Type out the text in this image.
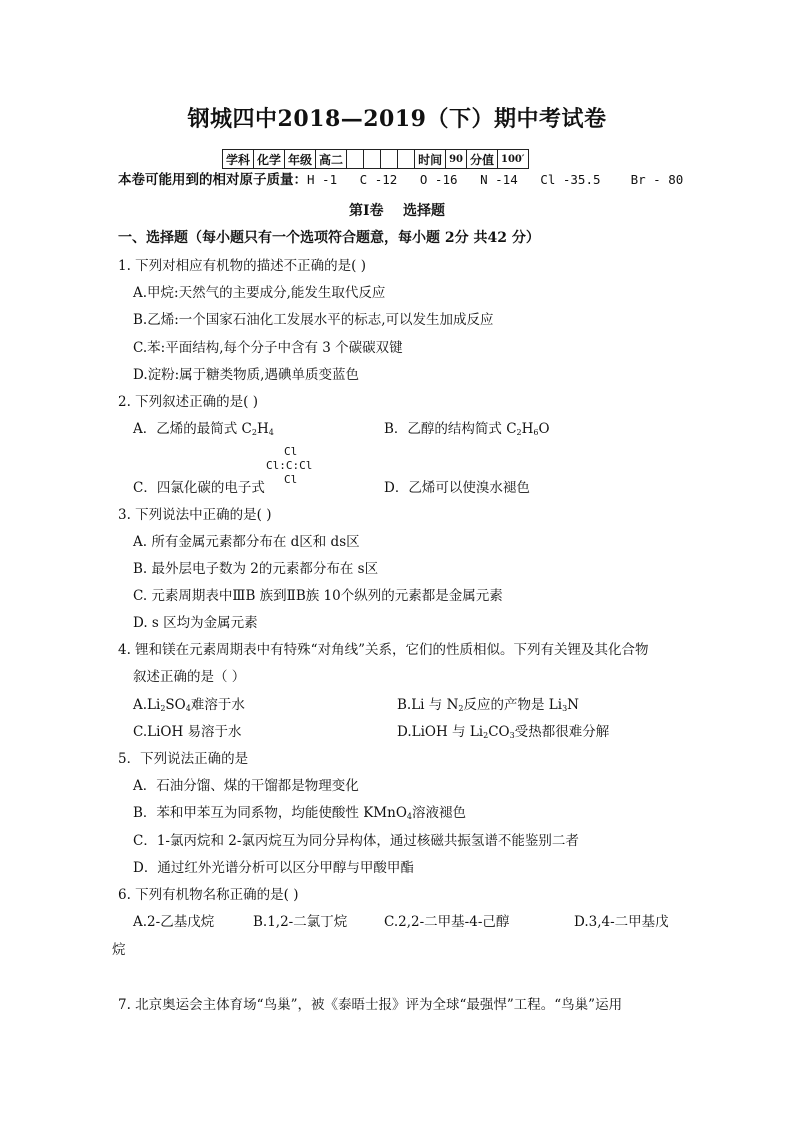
钢城四中2018—2019（下）期中考试卷
学科	化学	年级	高二					时间	90	分值	100′
本卷可能用到的相对原子质量：H -1   C -12   O -16   N -14   Cl -35.5    Br - 80
第Ⅰ卷    选择题
一、选择题（每小题只有一个选项符合题意，每小题 2分 共42 分）
1. 下列对相应有机物的描述不正确的是( )
A.甲烷:天然气的主要成分,能发生取代反应
B.乙烯:一个国家石油化工发展水平的标志,可以发生加成反应
C.苯:平面结构,每个分子中含有 3 个碳碳双键
D.淀粉:属于糖类物质,遇碘单质变蓝色
2. 下列叙述正确的是( )
A．乙烯的最简式 $C_2H_4$	B．乙醇的结构简式 $C_2H_6O$
Cl
Cl:C:Cl
Cl
C．四氯化碳的电子式	D．乙烯可以使溴水褪色
3. 下列说法中正确的是( )
A. 所有金属元素都分布在 d区和 ds区
B. 最外层电子数为 2的元素都分布在 s区
C. 元素周期表中ⅢB 族到ⅡB族 10个纵列的元素都是金属元素
D. s 区均为金属元素
4. 锂和镁在元素周期表中有特殊“对角线”关系，它们的性质相似。下列有关锂及其化合物
叙述正确的是（ ）
$A.Li_2SO_4$难溶于水	B.Li 与 $N_2$反应的产物是 $Li_3N$
C.LiOH 易溶于水	D.LiOH 与 $Li_2CO_3$受热都很难分解
5．下列说法正确的是
A．石油分馏、煤的干馏都是物理变化
B．苯和甲苯互为同系物，均能使酸性 KMnO$_4$溶液褪色
C．1-氯丙烷和 2-氯丙烷互为同分异构体，通过核磁共振氢谱不能鉴别二者
D．通过红外光谱分析可以区分甲醇与甲酸甲酯
6. 下列有机物名称正确的是( )
A.2-乙基戊烷	B.1,2-二氯丁烷	C.2,2-二甲基-4-己醇	D.3,4-二甲基戊
烷
7. 北京奥运会主体育场“鸟巢”，被《泰晤士报》评为全球“最强悍”工程。“鸟巢”运用
